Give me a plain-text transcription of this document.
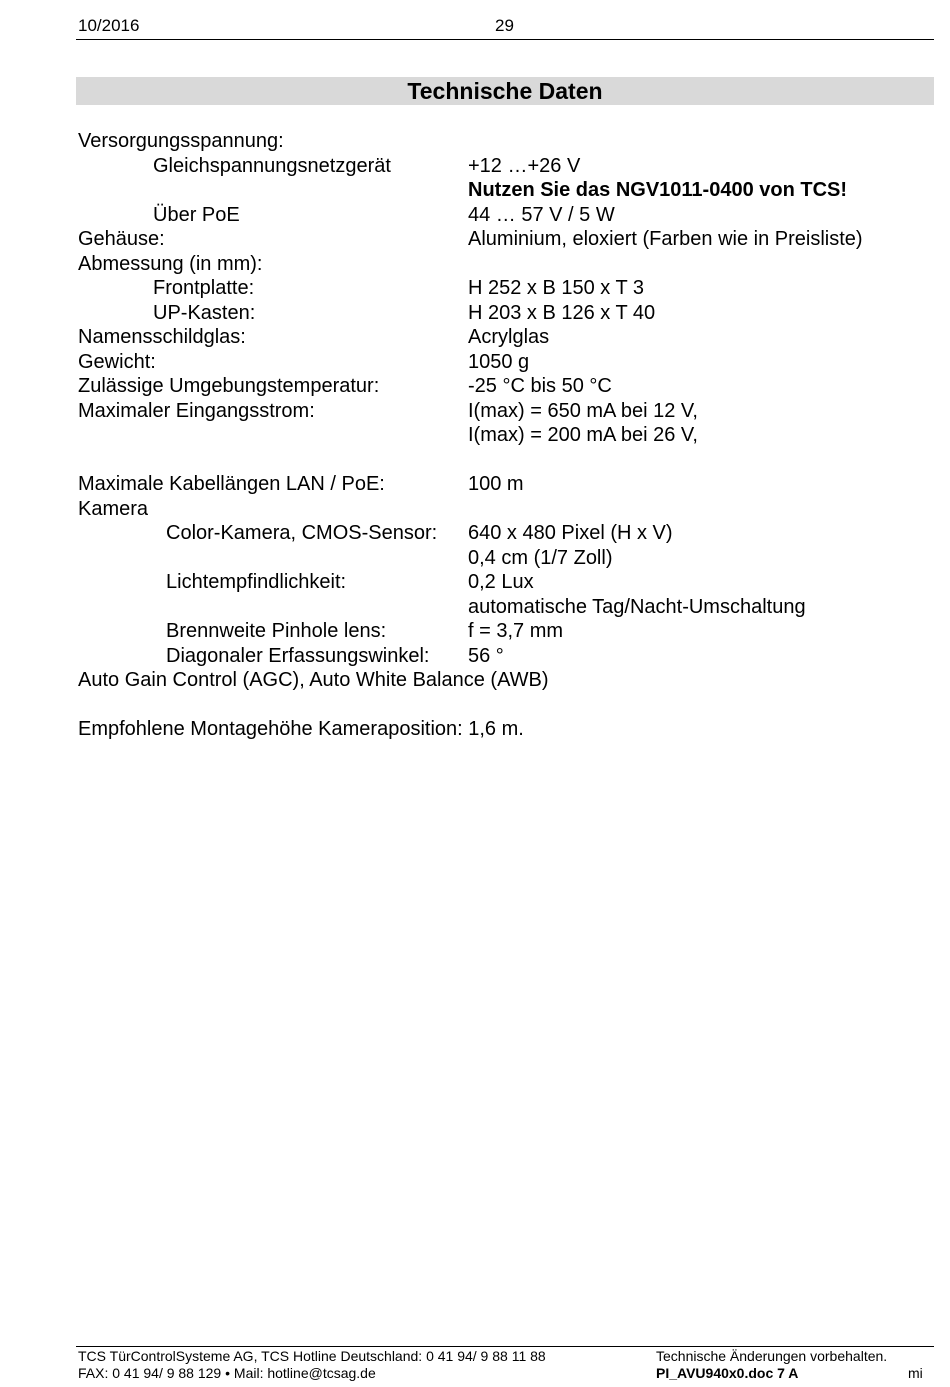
10/2016	29
Technische Daten
Versorgungsspannung:
Gleichspannungsnetzgerät	+12 …+26 V
Nutzen Sie das NGV1011-0400 von TCS!
Über PoE	44 … 57 V / 5 W
Gehäuse:	Aluminium, eloxiert (Farben wie in Preisliste)
Abmessung (in mm):
Frontplatte:	H 252 x B 150 x T 3
UP-Kasten:	H 203 x B 126 x T 40
Namensschildglas:	Acrylglas
Gewicht:	1050 g
Zulässige Umgebungstemperatur:	-25 °C bis 50 °C
Maximaler Eingangsstrom:	I(max) = 650 mA bei 12 V,
I(max) = 200 mA bei 26 V,
Maximale Kabellängen LAN / PoE:	100 m
Kamera
Color-Kamera, CMOS-Sensor: 640 x 480 Pixel (H x V)
0,4 cm (1/7 Zoll)
Lichtempfindlichkeit:	0,2 Lux
automatische Tag/Nacht-Umschaltung
Brennweite Pinhole lens:	f = 3,7 mm
Diagonaler Erfassungswinkel: 56 °
Auto Gain Control (AGC), Auto White Balance (AWB)
Empfohlene Montagehöhe Kameraposition: 1,6 m.
TCS TürControlSysteme AG, TCS Hotline Deutschland: 0 41 94/ 9 88 11 88	Technische Änderungen vorbehalten.
FAX: 0 41 94/ 9 88 129 • Mail: hotline@tcsag.de	PI_AVU940x0.doc 7 A	mi
